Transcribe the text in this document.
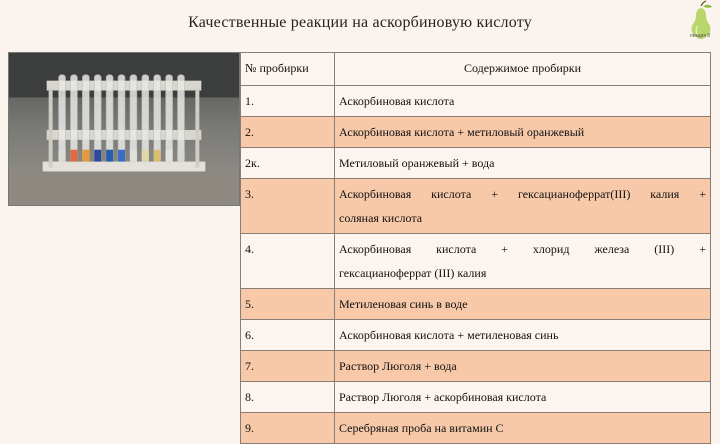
Качественные реакции на аскорбиновую кислоту
лекция 8
№ пробирки	Содержимое пробирки
1.	Аскорбиновая кислота
2.	Аскорбиновая кислота + метиловый оранжевый
2к.	Метиловый оранжевый + вода
3.	Аскорбиновая кислота + гексацианоферрат(III) калия +
соляная кислота

4.	Аскорбиновая кислота + хлорид железа (III) +
гексацианоферрат (III) калия

5.	Метиленовая синь в воде
6.	Аскорбиновая кислота + метиленовая синь
7.	Раствор Люголя + вода
8.	Раствор Люголя + аскорбиновая кислота
9.	Серебряная проба на витамин С
